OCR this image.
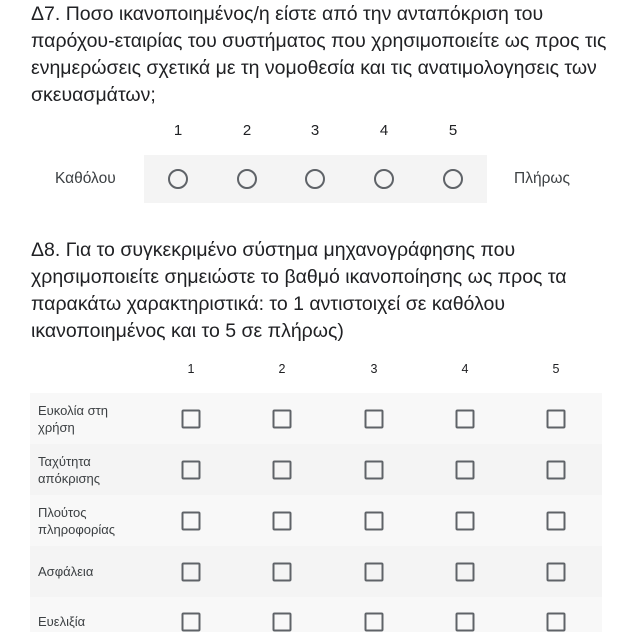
Δ7. Ποσο ικανοποιημένος/η είστε από την ανταπόκριση του παρόχου-εταιρίας του συστήματος που χρησιμοποιείτε ως προς τις ενημερώσεις σχετικά με τη νομοθεσία και τις ανατιμολογησεις των σκευασμάτων;
1	2	3	4	5
Καθόλου	Πλήρως
Δ8. Για το συγκεκριμένο σύστημα μηχανογράφησης που χρησιμοποιείτε σημειώστε το βαθμό ικανοποίησης ως προς τα παρακάτω χαρακτηριστικά: το 1 αντιστοιχεί σε καθόλου ικανοποιημένος και το 5 σε πλήρως)
1	2	3	4	5
Ευκολία στη χρήση
Ταχύτητα απόκρισης
Πλούτος πληροφορίας
Ασφάλεια
Ευελιξία
